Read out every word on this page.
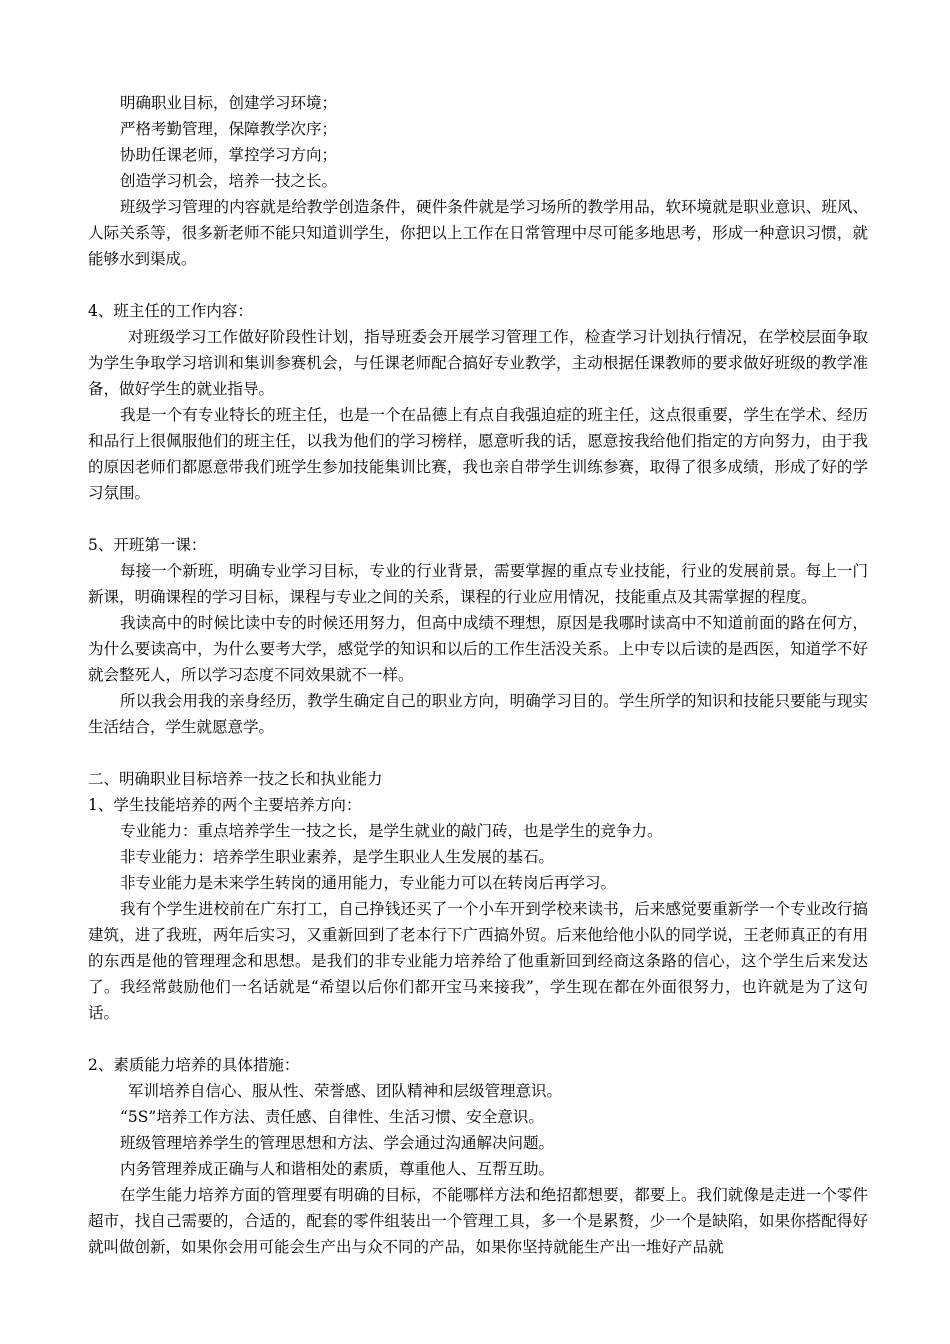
明确职业目标，创建学习环境；

严格考勤管理，保障教学次序；

协助任课老师，掌控学习方向；

创造学习机会，培养一技之长。

班级学习管理的内容就是给教学创造条件，硬件条件就是学习场所的教学用品，软环境就是职业意识、班风、人际关系等，很多新老师不能只知道训学生，你把以上工作在日常管理中尽可能多地思考，形成一种意识习惯，就能够水到渠成。

4、班主任的工作内容：

对班级学习工作做好阶段性计划，指导班委会开展学习管理工作，检查学习计划执行情况，在学校层面争取为学生争取学习培训和集训参赛机会，与任课老师配合搞好专业教学，主动根据任课教师的要求做好班级的教学准备，做好学生的就业指导。

我是一个有专业特长的班主任，也是一个在品德上有点自我强迫症的班主任，这点很重要，学生在学术、经历和品行上很佩服他们的班主任，以我为他们的学习榜样，愿意听我的话，愿意按我给他们指定的方向努力，由于我的原因老师们都愿意带我们班学生参加技能集训比赛，我也亲自带学生训练参赛，取得了很多成绩，形成了好的学习氛围。

5、开班第一课：

每接一个新班，明确专业学习目标，专业的行业背景，需要掌握的重点专业技能，行业的发展前景。每上一门新课，明确课程的学习目标，课程与专业之间的关系，课程的行业应用情况，技能重点及其需掌握的程度。

我读高中的时候比读中专的时候还用努力，但高中成绩不理想，原因是我哪时读高中不知道前面的路在何方，为什么要读高中，为什么要考大学，感觉学的知识和以后的工作生活没关系。上中专以后读的是西医，知道学不好就会整死人，所以学习态度不同效果就不一样。

所以我会用我的亲身经历，教学生确定自己的职业方向，明确学习目的。学生所学的知识和技能只要能与现实生活结合，学生就愿意学。

二、明确职业目标培养一技之长和执业能力

1、学生技能培养的两个主要培养方向：

专业能力：重点培养学生一技之长，是学生就业的敲门砖，也是学生的竞争力。

非专业能力：培养学生职业素养，是学生职业人生发展的基石。

非专业能力是未来学生转岗的通用能力，专业能力可以在转岗后再学习。

我有个学生进校前在广东打工，自己挣钱还买了一个小车开到学校来读书，后来感觉要重新学一个专业改行搞建筑，进了我班，两年后实习，又重新回到了老本行下广西搞外贸。后来他给他小队的同学说，王老师真正的有用的东西是他的管理理念和思想。是我们的非专业能力培养给了他重新回到经商这条路的信心，这个学生后来发达了。我经常鼓励他们一名话就是“希望以后你们都开宝马来接我”，学生现在都在外面很努力，也许就是为了这句话。

2、素质能力培养的具体措施：

军训培养自信心、服从性、荣誉感、团队精神和层级管理意识。

“5S”培养工作方法、责任感、自律性、生活习惯、安全意识。

班级管理培养学生的管理思想和方法、学会通过沟通解决问题。

内务管理养成正确与人和谐相处的素质，尊重他人、互帮互助。

在学生能力培养方面的管理要有明确的目标，不能哪样方法和绝招都想要，都要上。我们就像是走进一个零件超市，找自己需要的，合适的，配套的零件组装出一个管理工具，多一个是累赘，少一个是缺陷，如果你搭配得好就叫做创新，如果你会用可能会生产出与众不同的产品，如果你坚持就能生产出一堆好产品就
